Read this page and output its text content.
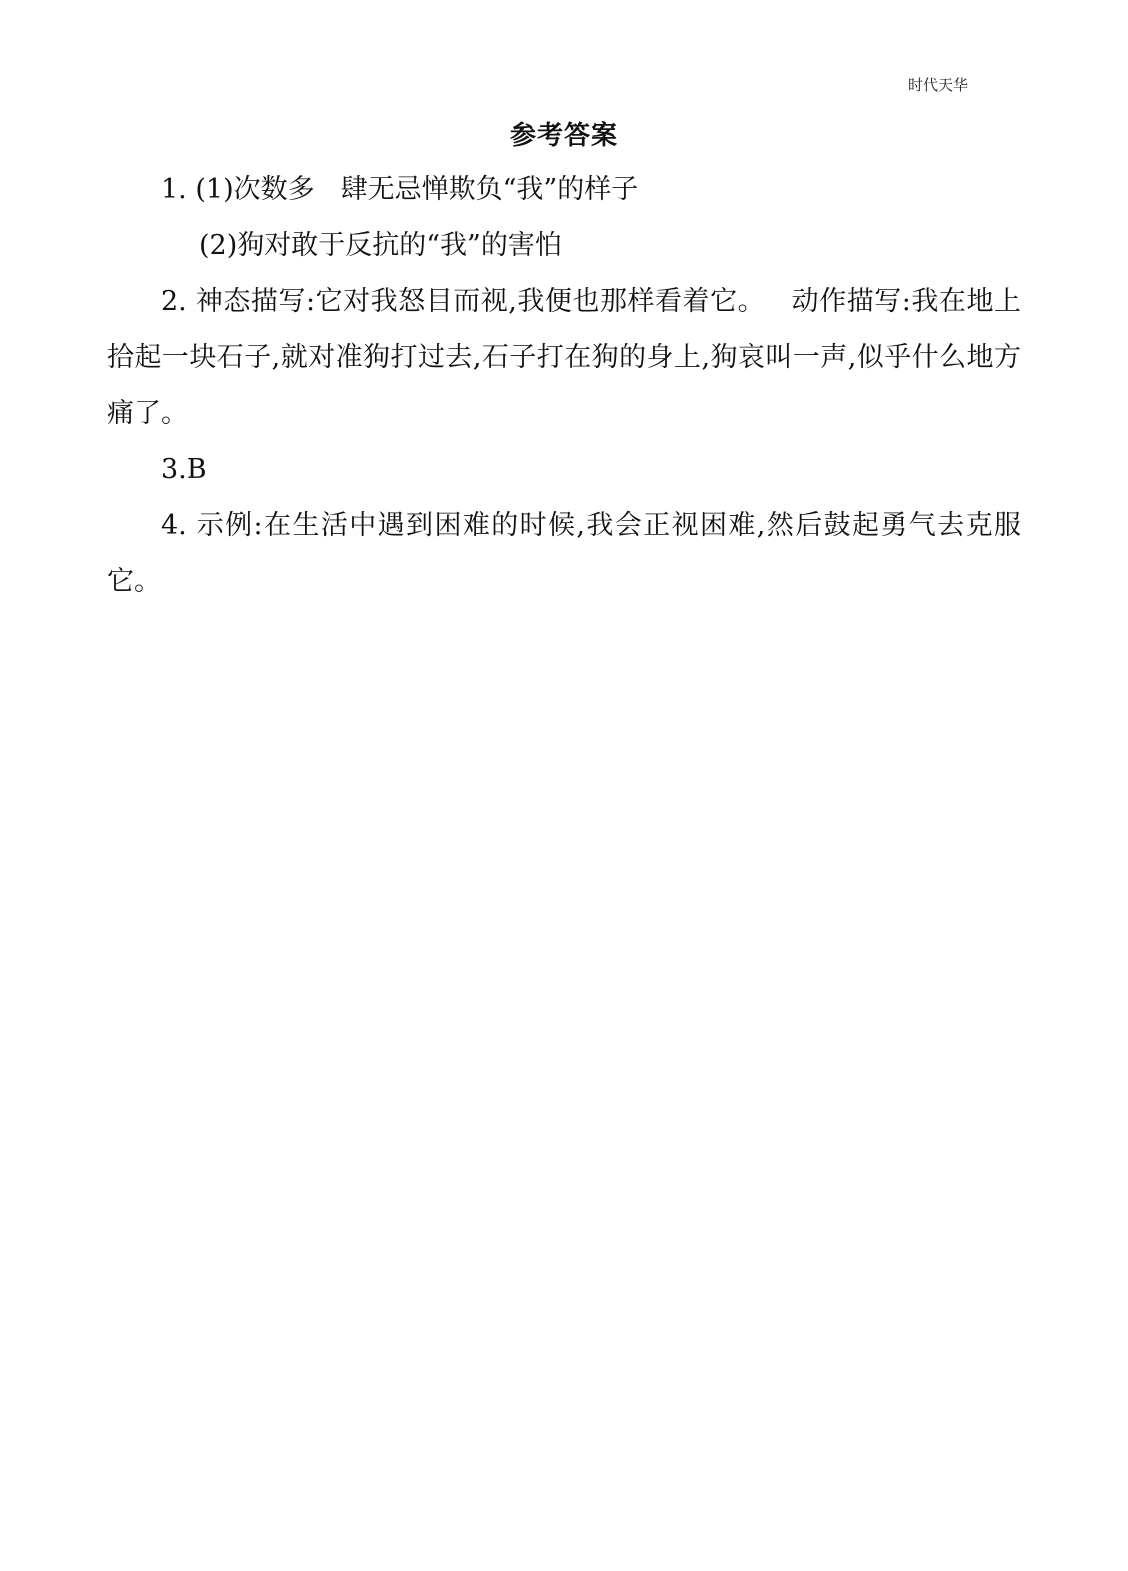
时代天华
参考答案

1. (1)次数多 肆无忌惮欺负“我”的样子

(2)狗对敢于反抗的“我”的害怕

2. 神态描写:它对我怒目而视,我便也那样看着它。 动作描写:我在地上拾起一块石子,就对准狗打过去,石子打在狗的身上,狗哀叫一声,似乎什么地方痛了。

3.B

4. 示例:在生活中遇到困难的时候,我会正视困难,然后鼓起勇气去克服它。
